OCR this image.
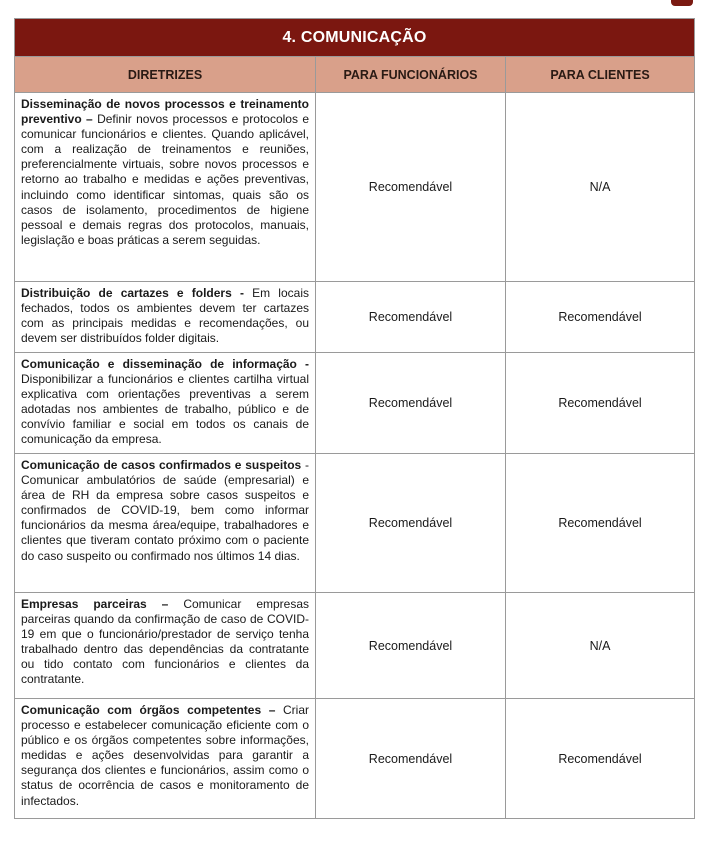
4. COMUNICAÇÃO		
DIRETRIZES	PARA FUNCIONÁRIOS	PARA CLIENTES
Disseminação de novos processos e treinamento preventivo – Definir novos processos e protocolos e comunicar funcionários e clientes. Quando aplicável, com a realização de treinamentos e reuniões, preferencialmente virtuais, sobre novos processos e retorno ao trabalho e medidas e ações preventivas, incluindo como identificar sintomas, quais são os casos de isolamento, procedimentos de higiene pessoal e demais regras dos protocolos, manuais, legislação e boas práticas a serem seguidas.	Recomendável	N/A
Distribuição de cartazes e folders - Em locais fechados, todos os ambientes devem ter cartazes com as principais medidas e recomendações, ou devem ser distribuídos folder digitais.	Recomendável	Recomendável
Comunicação e disseminação de informação - Disponibilizar a funcionários e clientes cartilha virtual explicativa com orientações preventivas a serem adotadas nos ambientes de trabalho, público e de convívio familiar e social em todos os canais de comunicação da empresa.	Recomendável	Recomendável
Comunicação de casos confirmados e suspeitos - Comunicar ambulatórios de saúde (empresarial) e área de RH da empresa sobre casos suspeitos e confirmados de COVID-19, bem como informar funcionários da mesma área/equipe, trabalhadores e clientes que tiveram contato próximo com o paciente do caso suspeito ou confirmado nos últimos 14 dias.	Recomendável	Recomendável
Empresas parceiras – Comunicar empresas parceiras quando da confirmação de caso de COVID-19 em que o funcionário/prestador de serviço tenha trabalhado dentro das dependências da contratante ou tido contato com funcionários e clientes da contratante.	Recomendável	N/A
Comunicação com órgãos competentes – Criar processo e estabelecer comunicação eficiente com o público e os órgãos competentes sobre informações, medidas e ações desenvolvidas para garantir a segurança dos clientes e funcionários, assim como o status de ocorrência de casos e monitoramento de infectados.	Recomendável	Recomendável
